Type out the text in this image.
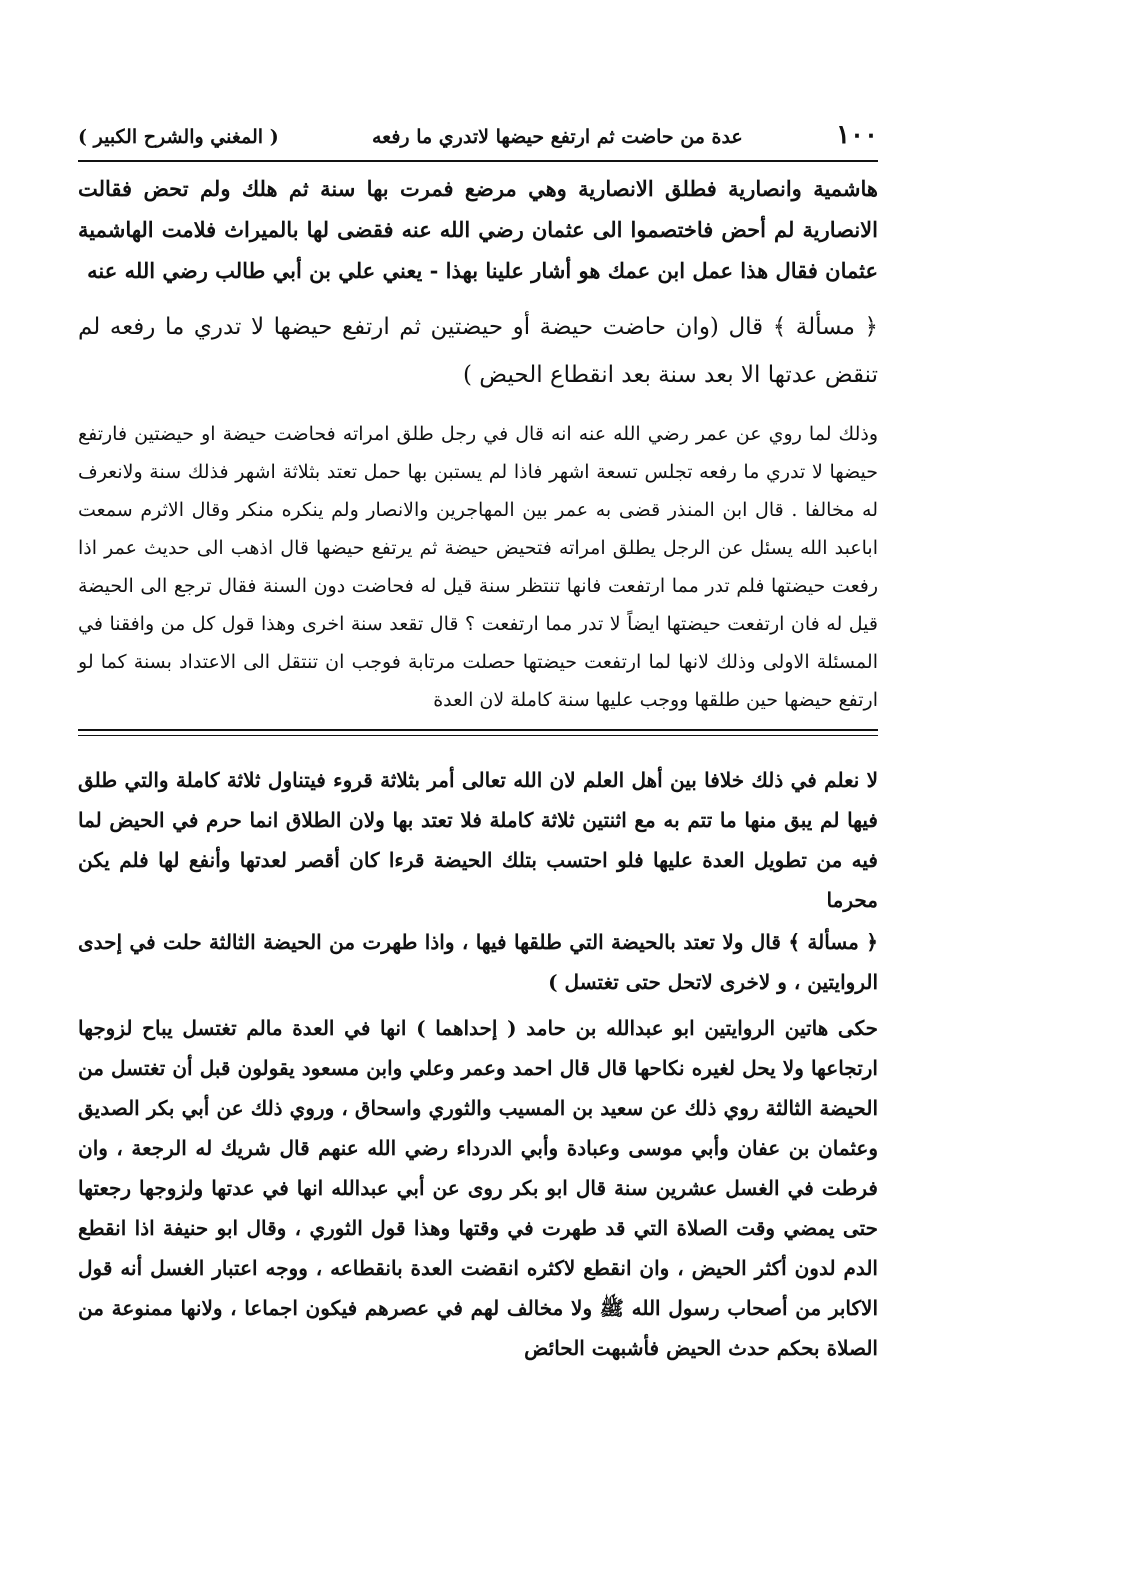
١٠٠
عدة من حاضت ثم ارتفع حيضها لاتدري ما رفعه
( المغني والشرح الكبير )

هاشمية وانصارية فطلق الانصارية وهي مرضع فمرت بها سنة ثم هلك ولم تحض فقالت الانصارية لم أحض فاختصموا الى عثمان رضي الله عنه فقضى لها بالميراث فلامت الهاشمية عثمان فقال هذا عمل ابن عمك هو أشار علينا بهذا - يعني علي بن أبي طالب رضي الله عنه

﴿ مسألة ﴾ قال (وان حاضت حيضة أو حيضتين ثم ارتفع حيضها لا تدري ما رفعه لم تنقض عدتها الا بعد سنة بعد انقطاع الحيض )

وذلك لما روي عن عمر رضي الله عنه انه قال في رجل طلق امراته فحاضت حيضة او حيضتين فارتفع حيضها لا تدري ما رفعه تجلس تسعة اشهر فاذا لم يستبن بها حمل تعتد بثلاثة اشهر فذلك سنة ولانعرف له مخالفا . قال ابن المنذر قضى به عمر بين المهاجرين والانصار ولم ينكره منكر وقال الاثرم سمعت اباعبد الله يسئل عن الرجل يطلق امراته فتحيض حيضة ثم يرتفع حيضها قال اذهب الى حديث عمر اذا رفعت حيضتها فلم تدر مما ارتفعت فانها تنتظر سنة قيل له فحاضت دون السنة فقال ترجع الى الحيضة قيل له فان ارتفعت حيضتها ايضاً لا تدر مما ارتفعت ؟ قال تقعد سنة اخرى وهذا قول كل من وافقنا في المسئلة الاولى وذلك لانها لما ارتفعت حيضتها حصلت مرتابة فوجب ان تنتقل الى الاعتداد بسنة كما لو ارتفع حيضها حين طلقها ووجب عليها سنة كاملة لان العدة

لا نعلم في ذلك خلافا بين أهل العلم لان الله تعالى أمر بثلاثة قروء فيتناول ثلاثة كاملة والتي طلق فيها لم يبق منها ما تتم به مع اثنتين ثلاثة كاملة فلا تعتد بها ولان الطلاق انما حرم في الحيض لما فيه من تطويل العدة عليها فلو احتسب بتلك الحيضة قرءا كان أقصر لعدتها وأنفع لها فلم يكن محرما

﴿ مسألة ﴾ قال ولا تعتد بالحيضة التي طلقها فيها ، واذا طهرت من الحيضة الثالثة حلت في إحدى الروايتين ، و لاخرى لاتحل حتى تغتسل )

حكى هاتين الروايتين ابو عبدالله بن حامد ( إحداهما ) انها في العدة مالم تغتسل يباح لزوجها ارتجاعها ولا يحل لغيره نكاحها قال قال احمد وعمر وعلي وابن مسعود يقولون قبل أن تغتسل من الحيضة الثالثة روي ذلك عن سعيد بن المسيب والثوري واسحاق ، وروي ذلك عن أبي بكر الصديق وعثمان بن عفان وأبي موسى وعبادة وأبي الدرداء رضي الله عنهم قال شريك له الرجعة ، وان فرطت في الغسل عشرين سنة قال ابو بكر روى عن أبي عبدالله انها في عدتها ولزوجها رجعتها حتى يمضي وقت الصلاة التي قد طهرت في وقتها وهذا قول الثوري ، وقال ابو حنيفة اذا انقطع الدم لدون أكثر الحيض ، وان انقطع لاكثره انقضت العدة بانقطاعه ، ووجه اعتبار الغسل أنه قول الاكابر من أصحاب رسول الله ﷺ ولا مخالف لهم في عصرهم فيكون اجماعا ، ولانها ممنوعة من الصلاة بحكم حدث الحيض فأشبهت الحائض
